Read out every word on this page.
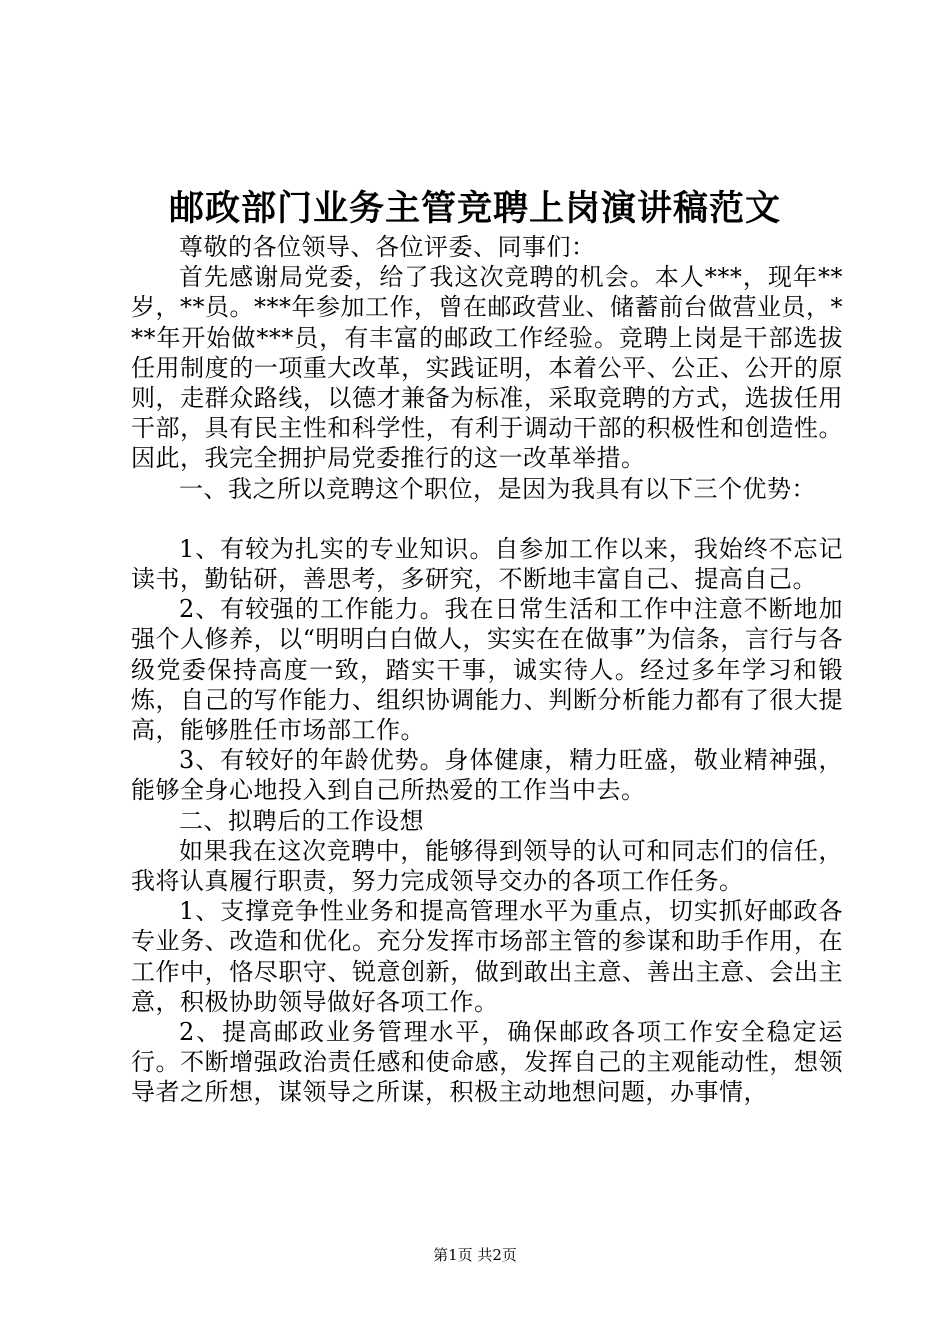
邮政部门业务主管竞聘上岗演讲稿范文

尊敬的各位领导、各位评委、同事们：

首先感谢局党委，给了我这次竞聘的机会。本人***，现年**岁，**员。***年参加工作，曾在邮政营业、储蓄前台做营业员，***年开始做***员，有丰富的邮政工作经验。竞聘上岗是干部选拔任用制度的一项重大改革，实践证明，本着公平、公正、公开的原则，走群众路线，以德才兼备为标准，采取竞聘的方式，选拔任用干部，具有民主性和科学性，有利于调动干部的积极性和创造性。因此，我完全拥护局党委推行的这一改革举措。

一、我之所以竞聘这个职位，是因为我具有以下三个优势：

1、有较为扎实的专业知识。自参加工作以来，我始终不忘记读书，勤钻研，善思考，多研究，不断地丰富自己、提高自己。

2、有较强的工作能力。我在日常生活和工作中注意不断地加强个人修养，以“明明白白做人，实实在在做事”为信条，言行与各级党委保持高度一致，踏实干事，诚实待人。经过多年学习和锻炼，自己的写作能力、组织协调能力、判断分析能力都有了很大提高，能够胜任市场部工作。

3、有较好的年龄优势。身体健康，精力旺盛，敬业精神强，能够全身心地投入到自己所热爱的工作当中去。

二、拟聘后的工作设想

如果我在这次竞聘中，能够得到领导的认可和同志们的信任，我将认真履行职责，努力完成领导交办的各项工作任务。

1、支撑竞争性业务和提高管理水平为重点，切实抓好邮政各专业务、改造和优化。充分发挥市场部主管的参谋和助手作用，在工作中，恪尽职守、锐意创新，做到敢出主意、善出主意、会出主意，积极协助领导做好各项工作。

2、提高邮政业务管理水平，确保邮政各项工作安全稳定运行。不断增强政治责任感和使命感，发挥自己的主观能动性，想领导者之所想，谋领导之所谋，积极主动地想问题，办事情，

第1页 共2页
